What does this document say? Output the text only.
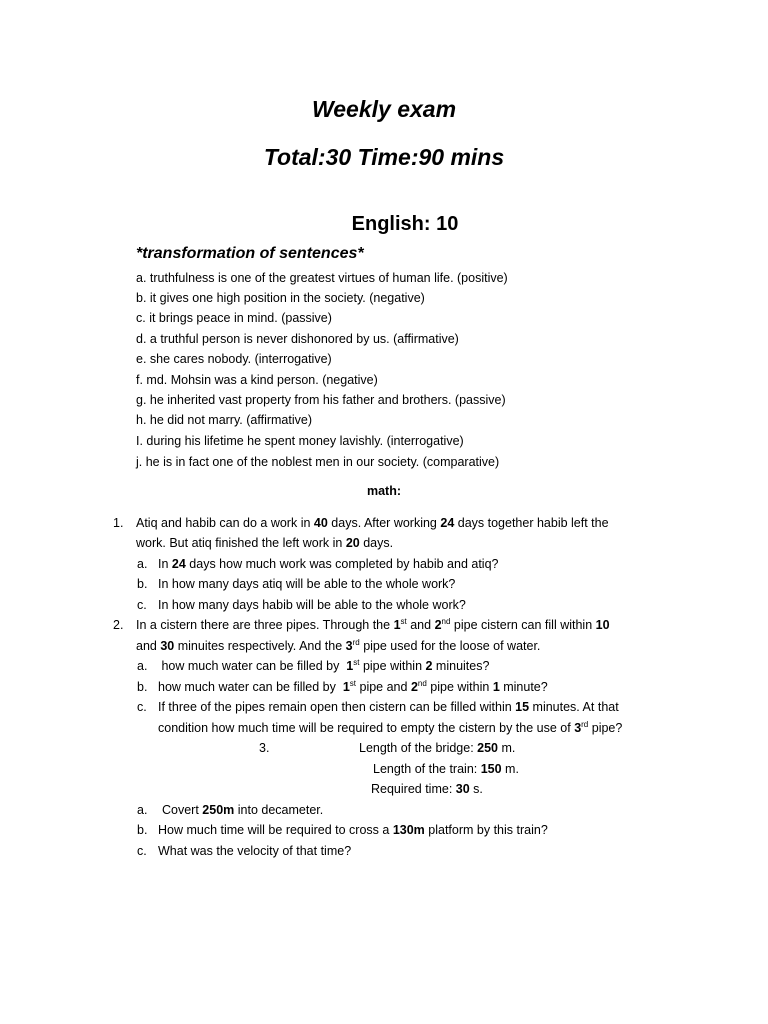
Weekly exam
Total:30 Time:90 mins
English: 10
*transformation of sentences*
a. truthfulness is one of the greatest virtues of human life. (positive)
b. it gives one high position in the society. (negative)
c. it brings peace in mind. (passive)
d. a truthful person is never dishonored by us. (affirmative)
e. she cares nobody. (interrogative)
f. md. Mohsin was a kind person. (negative)
g. he inherited vast property from his father and brothers. (passive)
h. he did not marry. (affirmative)
I. during his lifetime he spent money lavishly. (interrogative)
j. he is in fact one of the noblest men in our society. (comparative)
math:
1. Atiq and habib can do a work in 40 days. After working 24 days together habib left the
work. But atiq finished the left work in 20 days.
a. In 24 days how much work was completed by habib and atiq?
b. In how many days atiq will be able to the whole work?
c. In how many days habib will be able to the whole work?
2. In a cistern there are three pipes. Through the 1st and 2nd pipe cistern can fill within 10
and 30 minuites respectively. And the 3rd pipe used for the loose of water.
a. how much water can be filled by  1st pipe within 2 minuites?
b. how much water can be filled by  1st pipe and 2nd pipe within 1 minute?
c. If three of the pipes remain open then cistern can be filled within 15 minutes. At that
condition how much time will be required to empty the cistern by the use of 3rd pipe?
3.	Length of the bridge: 250 m.
Length of the train: 150 m.
Required time: 30 s.
a. Covert 250m into decameter.
b. How much time will be required to cross a 130m platform by this train?
c. What was the velocity of that time?
